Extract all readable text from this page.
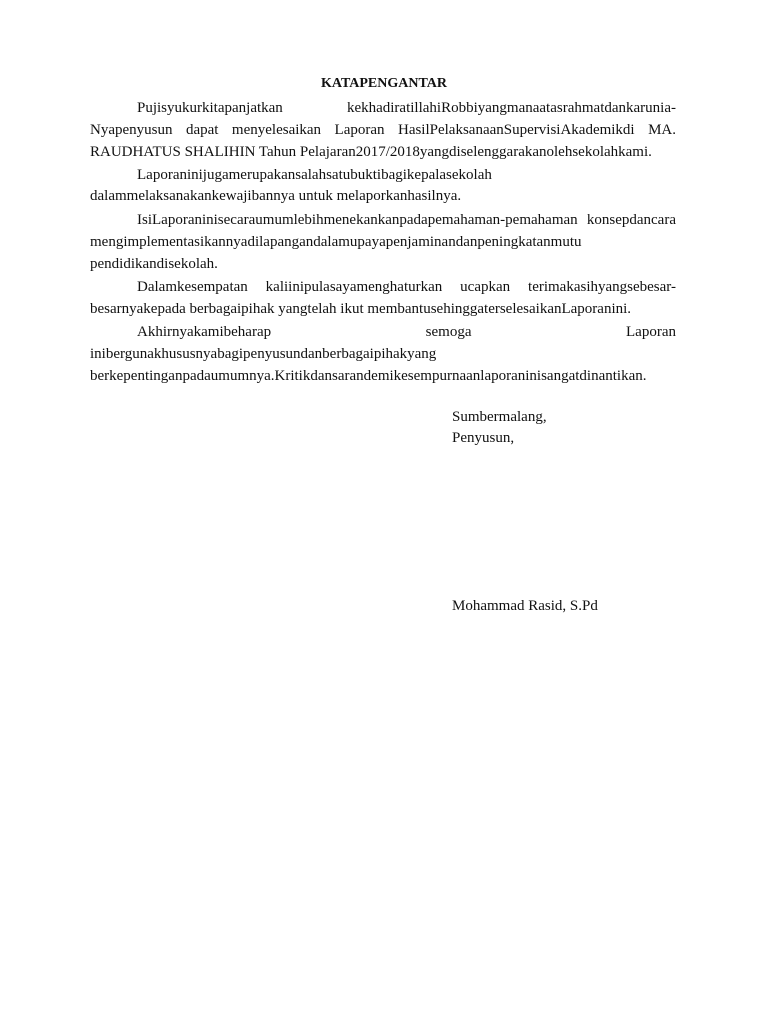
KATAPENGANTAR
Pujisyukurkitapanjatkan kekhadiratillahiRobbiyangmanaatasrahmatdankarunia-
Nyapenyusun dapat menyelesaikan Laporan HasilPelaksanaanSupervisiAkademikdi MA.
RAUDHATUS SHALIHIN Tahun Pelajaran2017/2018yangdiselenggarakanolehsekolahkami.
Laporaninijugamerupakansalahsatubuktibagikepalasekolah
dalammelaksanakankewajibannya untuk melaporkanhasilnya.
IsiLaporaninisecaraumumlebihmenekankanpadapemahaman-pemahaman konsepdancara
mengimplementasikannyadilapangandalamupayapenjaminandanpeningkatanmutu
pendidikandisekolah.
Dalamkesempatan kaliinipulasayamenghaturkan ucapkan terimakasihyangsebesar-
besarnyakepada berbagaipihak yangtelah ikut membantusehinggaterselesaikanLaporanini.
Akhirnyakamibeharap semoga Laporan
inibergunakhususnyabagipenyusundanberbagaipihakyang
berkepentinganpadaumumnya.Kritikdansarandemikesempurnaanlaporaninisangatdinantikan.
Sumbermalang,
Penyusun,
Mohammad Rasid, S.Pd
